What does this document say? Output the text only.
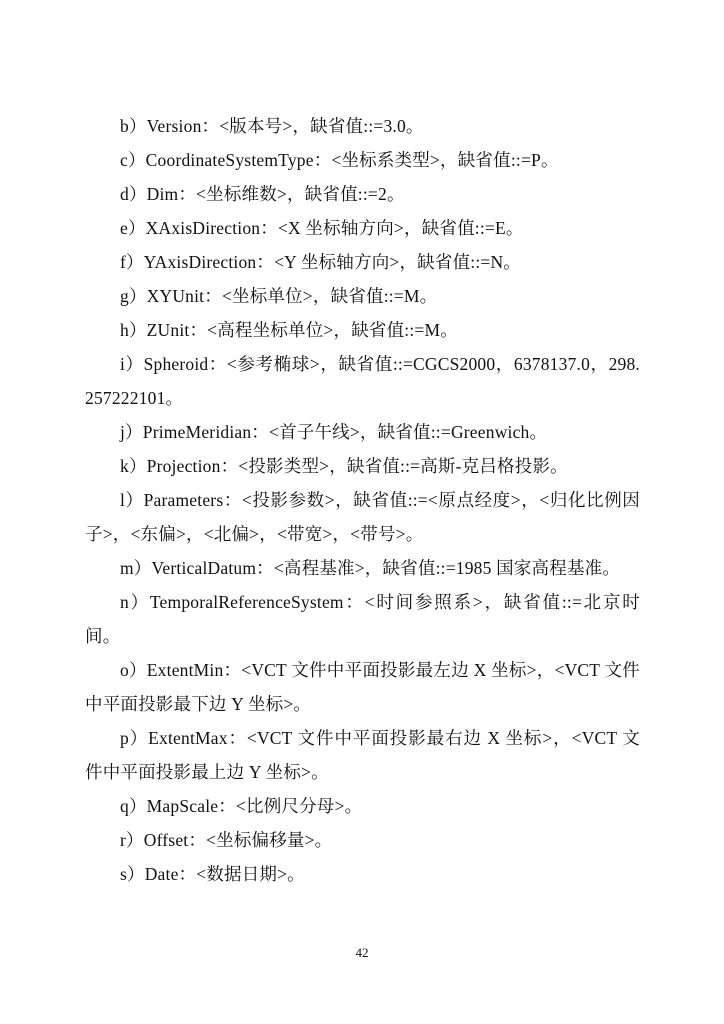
b）Version：<版本号>，缺省值::=3.0。

c）CoordinateSystemType：<坐标系类型>，缺省值::=P。

d）Dim：<坐标维数>，缺省值::=2。

e）XAxisDirection：<X 坐标轴方向>，缺省值::=E。

f）YAxisDirection：<Y 坐标轴方向>，缺省值::=N。

g）XYUnit：<坐标单位>，缺省值::=M。

h）ZUnit：<高程坐标单位>，缺省值::=M。

i）Spheroid：<参考椭球>，缺省值::=CGCS2000，6378137.0，298.257222101。

j）PrimeMeridian：<首子午线>，缺省值::=Greenwich。

k）Projection：<投影类型>，缺省值::=高斯-克吕格投影。

l）Parameters：<投影参数>，缺省值::=<原点经度>，<归化比例因子>，<东偏>，<北偏>，<带宽>，<带号>。

m）VerticalDatum：<高程基准>，缺省值::=1985 国家高程基准。

n）TemporalReferenceSystem：<时间参照系>，缺省值::=北京时间。

o）ExtentMin：<VCT 文件中平面投影最左边 X 坐标>，<VCT 文件中平面投影最下边 Y 坐标>。

p）ExtentMax：<VCT 文件中平面投影最右边 X 坐标>，<VCT 文件中平面投影最上边 Y 坐标>。

q）MapScale：<比例尺分母>。

r）Offset：<坐标偏移量>。

s）Date：<数据日期>。

42
